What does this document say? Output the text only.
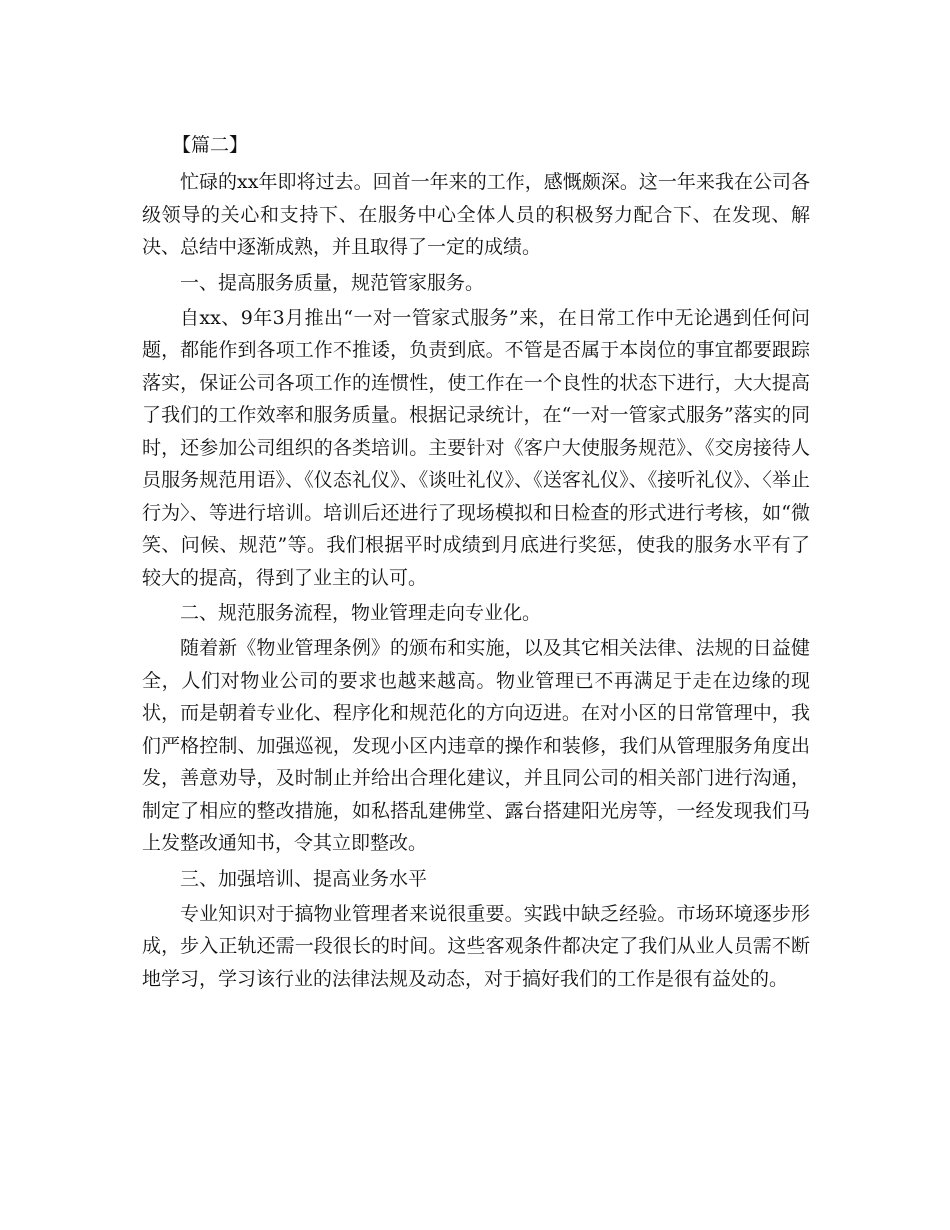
【篇二】

忙碌的xx年即将过去。回首一年来的工作，感慨颇深。这一年来我在公司各级领导的关心和支持下、在服务中心全体人员的积极努力配合下、在发现、解决、总结中逐渐成熟，并且取得了一定的成绩。

一、提高服务质量，规范管家服务。

自xx、9年3月推出“一对一管家式服务”来，在日常工作中无论遇到任何问题，都能作到各项工作不推诿，负责到底。不管是否属于本岗位的事宜都要跟踪落实，保证公司各项工作的连惯性，使工作在一个良性的状态下进行，大大提高了我们的工作效率和服务质量。根据记录统计，在“一对一管家式服务”落实的同时，还参加公司组织的各类培训。主要针对《客户大使服务规范》、《交房接待人员服务规范用语》、《仪态礼仪》、《谈吐礼仪》、《送客礼仪》、《接听礼仪》、〈举止行为〉、等进行培训。培训后还进行了现场模拟和日检查的形式进行考核，如“微笑、问候、规范”等。我们根据平时成绩到月底进行奖惩，使我的服务水平有了较大的提高，得到了业主的认可。

二、规范服务流程，物业管理走向专业化。

随着新《物业管理条例》的颁布和实施，以及其它相关法律、法规的日益健全，人们对物业公司的要求也越来越高。物业管理已不再满足于走在边缘的现状，而是朝着专业化、程序化和规范化的方向迈进。在对小区的日常管理中，我们严格控制、加强巡视，发现小区内违章的操作和装修，我们从管理服务角度出发，善意劝导，及时制止并给出合理化建议，并且同公司的相关部门进行沟通，制定了相应的整改措施，如私搭乱建佛堂、露台搭建阳光房等，一经发现我们马上发整改通知书，令其立即整改。

三、加强培训、提高业务水平

专业知识对于搞物业管理者来说很重要。实践中缺乏经验。市场环境逐步形成，步入正轨还需一段很长的时间。这些客观条件都决定了我们从业人员需不断地学习，学习该行业的法律法规及动态，对于搞好我们的工作是很有益处的。
